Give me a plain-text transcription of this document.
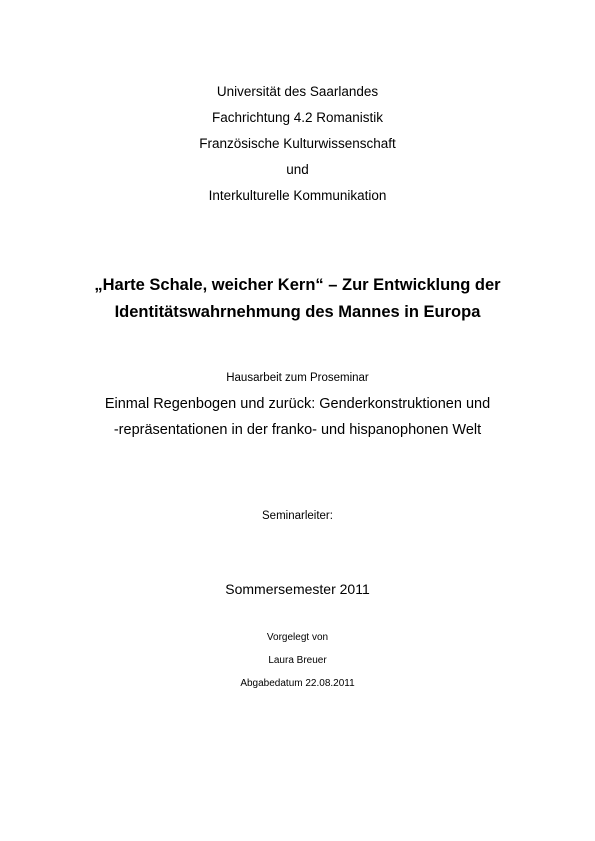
Universität des Saarlandes
Fachrichtung 4.2 Romanistik
Französische Kulturwissenschaft
und
Interkulturelle Kommunikation
„Harte Schale, weicher Kern“ – Zur Entwicklung der
Identitätswahrnehmung des Mannes in Europa
Hausarbeit zum Proseminar
Einmal Regenbogen und zurück: Genderkonstruktionen und
-repräsentationen in der franko- und hispanophonen Welt
Seminarleiter:
Sommersemester 2011
Vorgelegt von
Laura Breuer
Abgabedatum 22.08.2011
